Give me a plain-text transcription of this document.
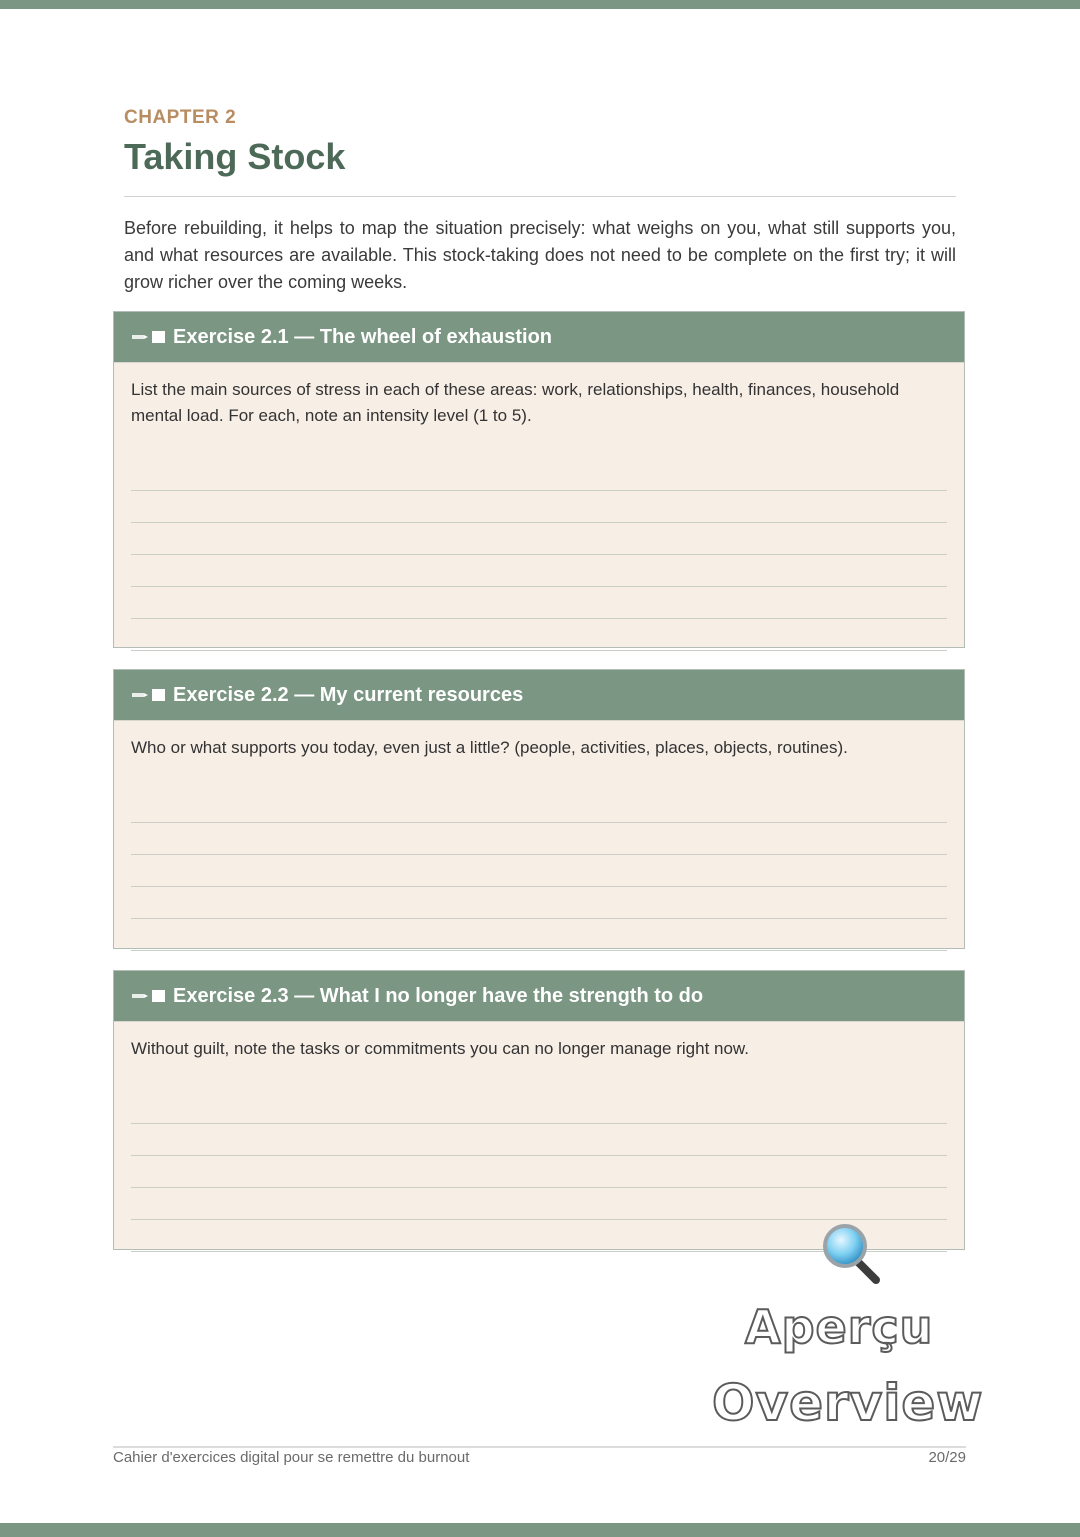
CHAPTER 2
Taking Stock

Before rebuilding, it helps to map the situation precisely: what weighs on you, what still supports you, and what resources are available. This stock-taking does not need to be complete on the first try; it will grow richer over the coming weeks.

Exercise 2.1 — The wheel of exhaustion

List the main sources of stress in each of these areas: work, relationships, health, finances, household mental load. For each, note an intensity level (1 to 5).

Exercise 2.2 — My current resources

Who or what supports you today, even just a little? (people, activities, places, objects, routines).

Exercise 2.3 — What I no longer have the strength to do

Without guilt, note the tasks or commitments you can no longer manage right now.

Aperçu
Overview
Cahier d'exercices digital pour se remettre du burnout	20/29
